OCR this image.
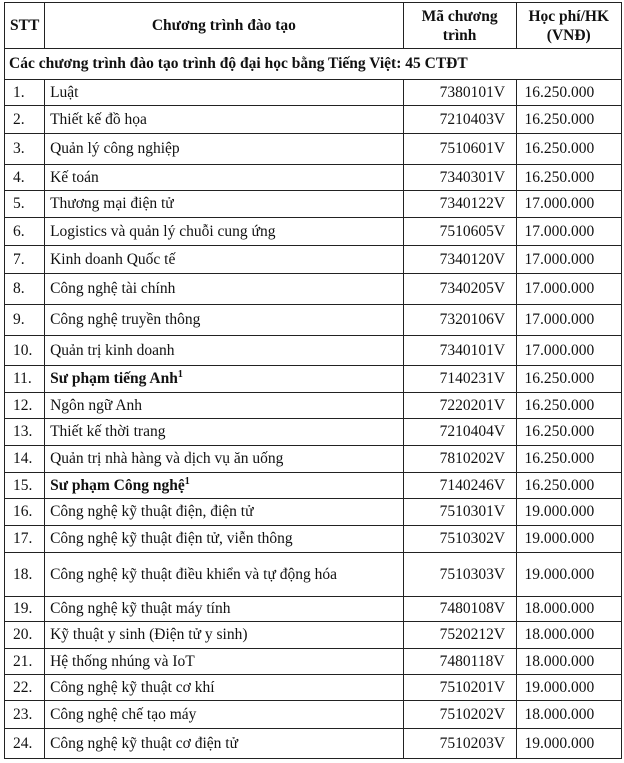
STT	Chương trình đào tạo	Mã chương trình	Học phí/HK (VNĐ)
Các chương trình đào tạo trình độ đại học bằng Tiếng Việt: 45 CTĐT			
1.	Luật	7380101V	16.250.000
2.	Thiết kế đồ họa	7210403V	16.250.000
3.	Quản lý công nghiệp	7510601V	16.250.000
4.	Kế toán	7340301V	16.250.000
5.	Thương mại điện tử	7340122V	17.000.000
6.	Logistics và quản lý chuỗi cung ứng	7510605V	17.000.000
7.	Kinh doanh Quốc tế	7340120V	17.000.000
8.	Công nghệ tài chính	7340205V	17.000.000
9.	Công nghệ truyền thông	7320106V	17.000.000
10.	Quản trị kinh doanh	7340101V	17.000.000
11.	Sư phạm tiếng Anh$^1$	7140231V	16.250.000
12.	Ngôn ngữ Anh	7220201V	16.250.000
13.	Thiết kế thời trang	7210404V	16.250.000
14.	Quản trị nhà hàng và dịch vụ ăn uống	7810202V	16.250.000
15.	Sư phạm Công nghệ$^1$	7140246V	16.250.000
16.	Công nghệ kỹ thuật điện, điện tử	7510301V	19.000.000
17.	Công nghệ kỹ thuật điện tử, viễn thông	7510302V	19.000.000
18.	Công nghệ kỹ thuật điều khiển và tự động hóa	7510303V	19.000.000
19.	Công nghệ kỹ thuật máy tính	7480108V	18.000.000
20.	Kỹ thuật y sinh (Điện tử y sinh)	7520212V	18.000.000
21.	Hệ thống nhúng và IoT	7480118V	18.000.000
22.	Công nghệ kỹ thuật cơ khí	7510201V	19.000.000
23.	Công nghệ chế tạo máy	7510202V	18.000.000
24.	Công nghệ kỹ thuật cơ điện tử	7510203V	19.000.000
